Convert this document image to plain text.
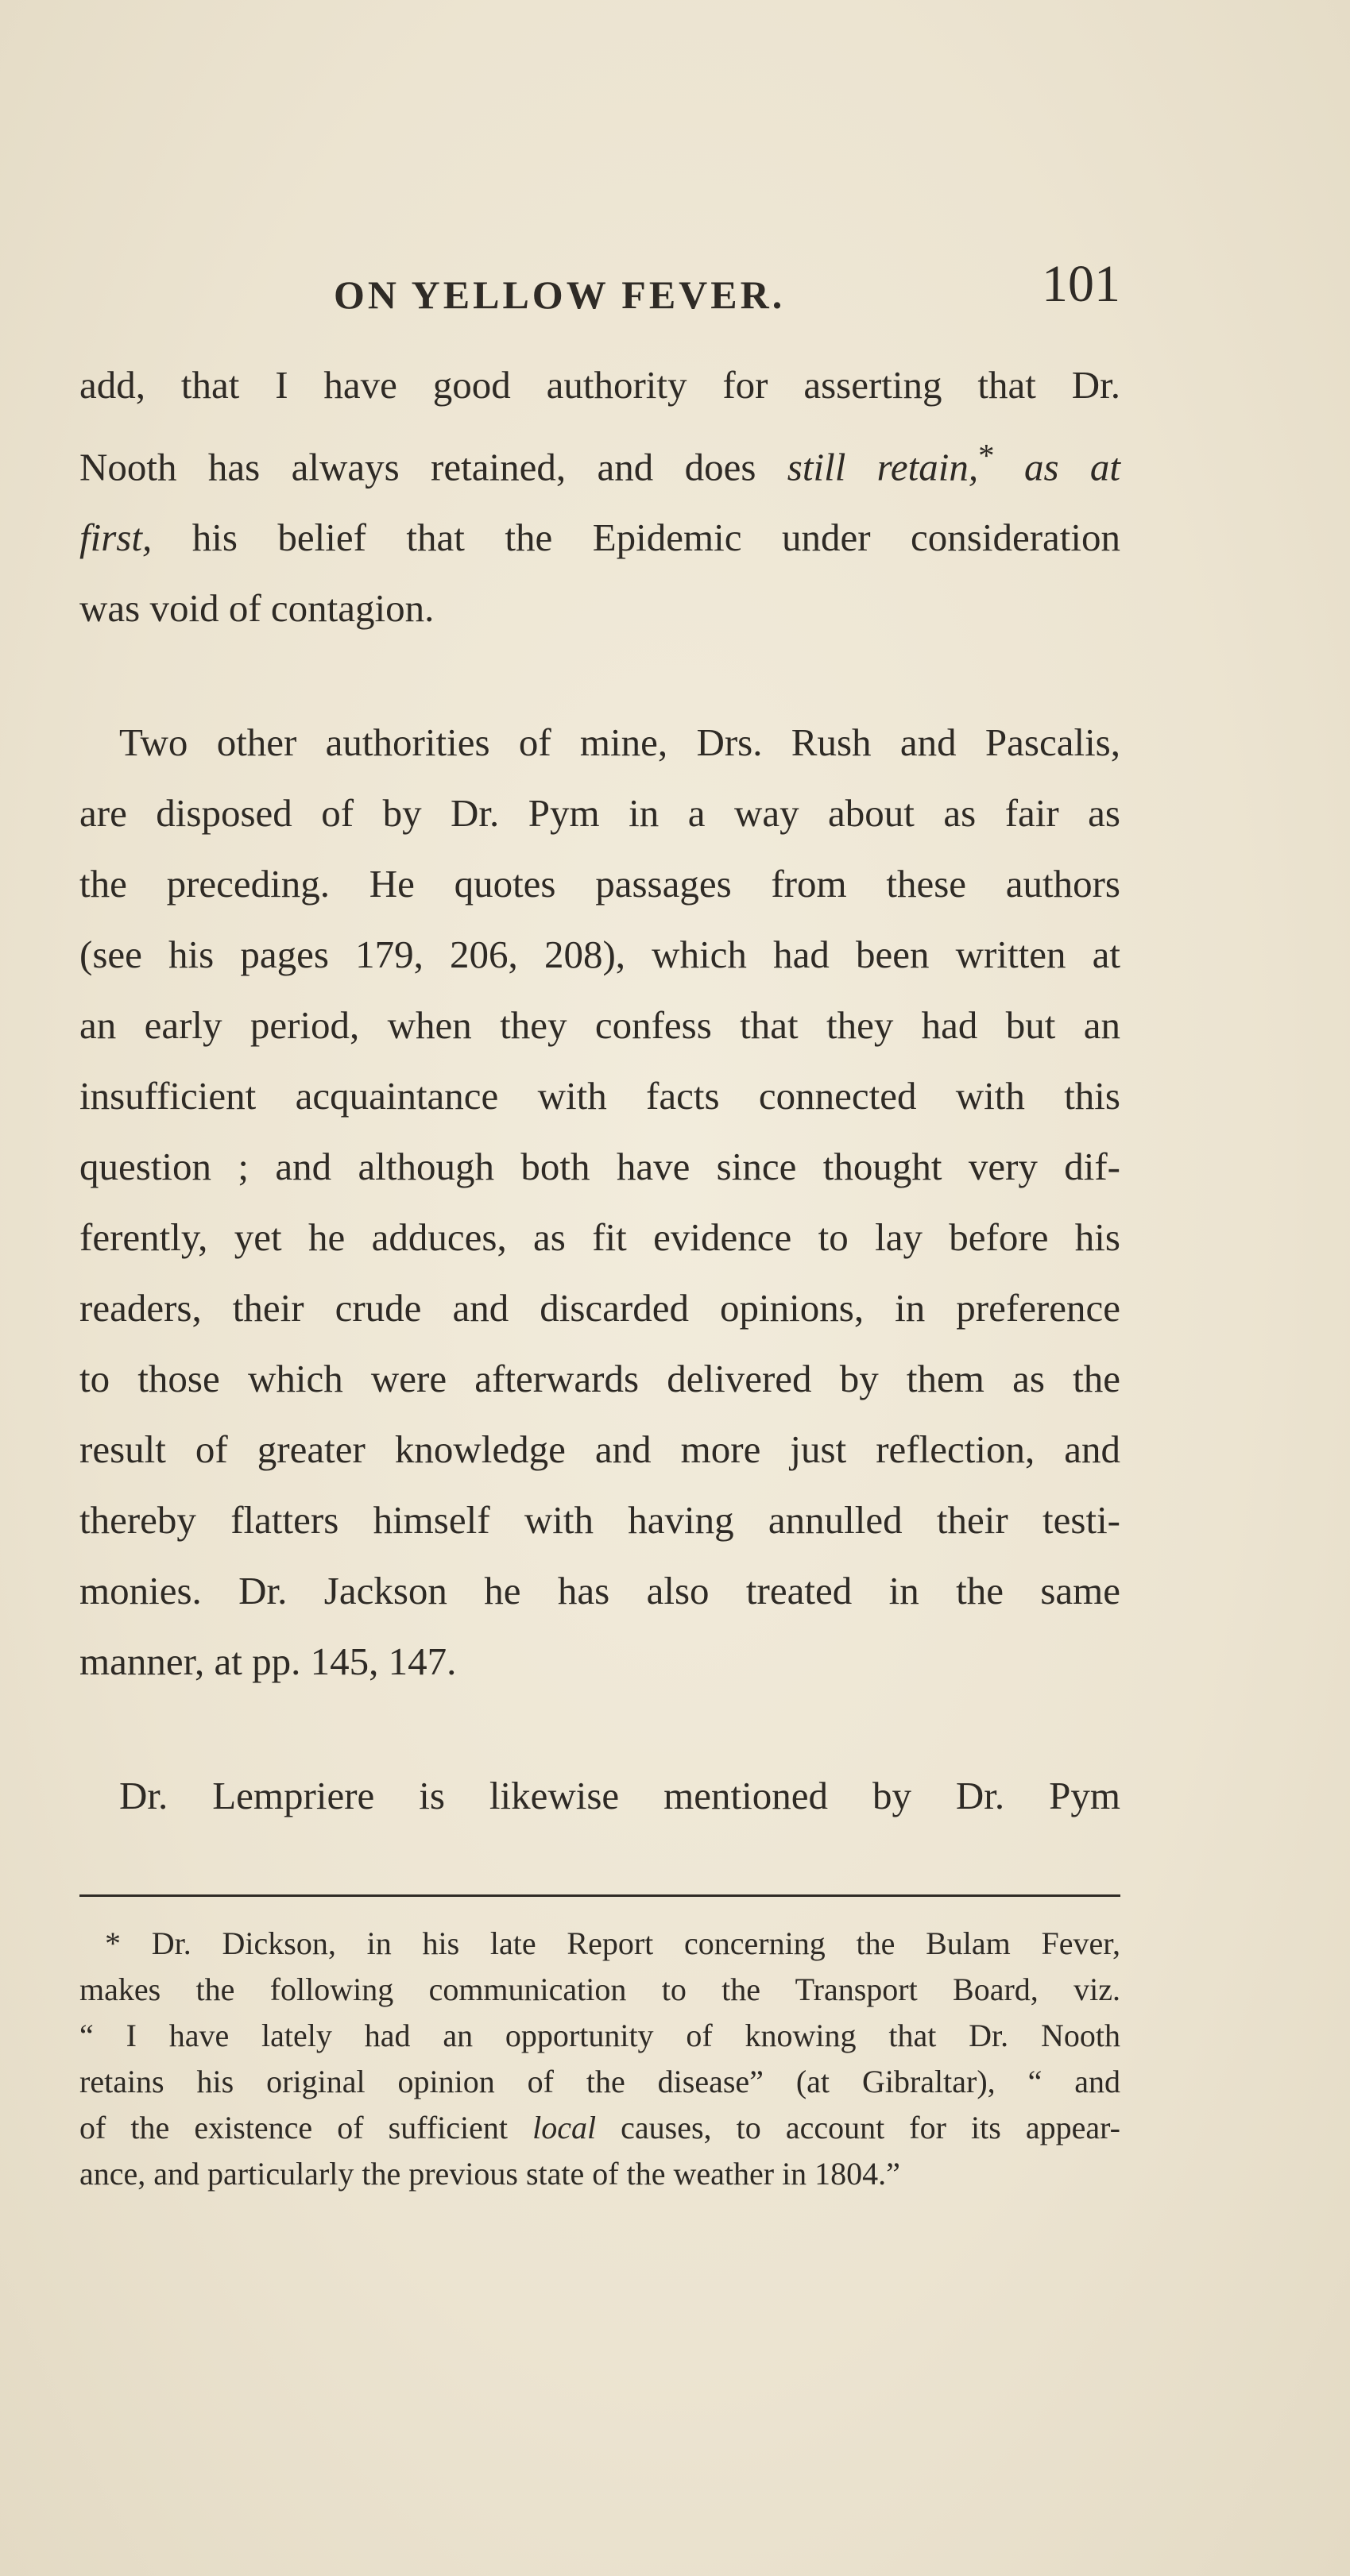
ON YELLOW FEVER.	101

add, that I have good authority for asserting that Dr.
Nooth has always retained, and does still retain,* as at
first, his belief that the Epidemic under consideration
was void of contagion.

Two other authorities of mine, Drs. Rush and Pascalis,
are disposed of by Dr. Pym in a way about as fair as
the preceding. He quotes passages from these authors
(see his pages 179, 206, 208), which had been written at
an early period, when they confess that they had but an
insufficient acquaintance with facts connected with this
question ; and although both have since thought very dif-
ferently, yet he adduces, as fit evidence to lay before his
readers, their crude and discarded opinions, in preference
to those which were afterwards delivered by them as the
result of greater knowledge and more just reflection, and
thereby flatters himself with having annulled their testi-
monies. Dr. Jackson he has also treated in the same
manner, at pp. 145, 147.

Dr. Lempriere is likewise mentioned by Dr. Pym

* Dr. Dickson, in his late Report concerning the Bulam Fever,
makes the following communication to the Transport Board, viz.
“ I have lately had an opportunity of knowing that Dr. Nooth
retains his original opinion of the disease” (at Gibraltar), “ and
of the existence of sufficient local causes, to account for its appear-
ance, and particularly the previous state of the weather in 1804.”
